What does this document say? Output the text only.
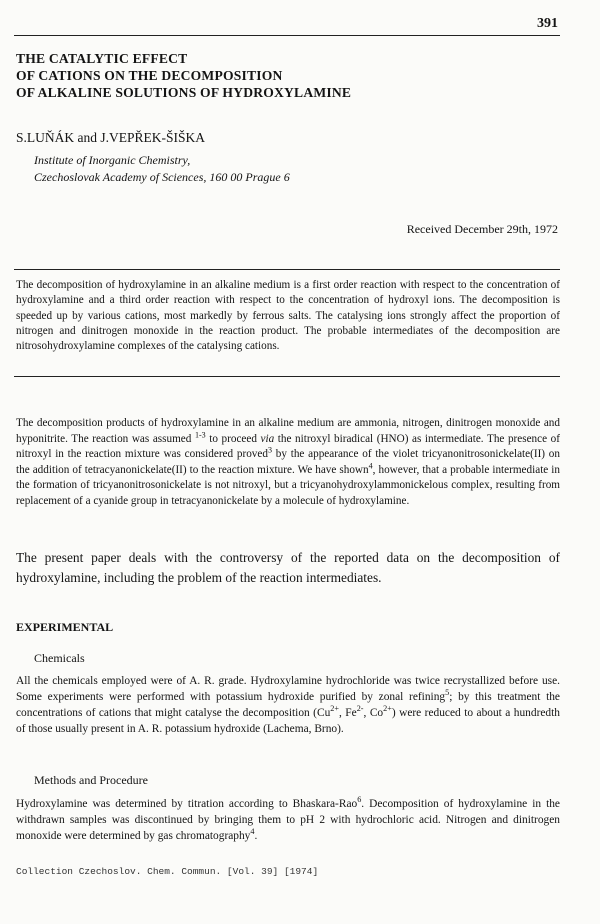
391
THE CATALYTIC EFFECT
OF CATIONS ON THE DECOMPOSITION
OF ALKALINE SOLUTIONS OF HYDROXYLAMINE
S.LUŇÁK and J.VEPŘEK-ŠIŠKA
Institute of Inorganic Chemistry,
Czechoslovak Academy of Sciences, 160 00 Prague 6
Received December 29th, 1972

The decomposition of hydroxylamine in an alkaline medium is a first order reaction with respect to the concentration of hydroxylamine and a third order reaction with respect to the concentration of hydroxyl ions. The decomposition is speeded up by various cations, most markedly by ferrous salts. The catalysing ions strongly affect the proportion of nitrogen and dinitrogen monoxide in the reaction product. The probable intermediates of the decomposition are nitrosohydroxylamine complexes of the catalysing cations.

The decomposition products of hydroxylamine in an alkaline medium are ammonia, nitrogen, dinitrogen monoxide and hyponitrite. The reaction was assumed $^{1-3}$ to proceed via the nitroxyl biradical (HNO) as intermediate. The presence of nitroxyl in the reaction mixture was considered proved$^3$ by the appearance of the violet tricyanonitrosonickelate(II) on the addition of tetracyanonickelate(II) to the reaction mixture. We have shown$^4$, however, that a probable intermediate in the formation of tricyanonitrosonickelate is not nitroxyl, but a tricyanohydroxylammonickelous complex, resulting from replacement of a cyanide group in tetracyanonickelate by a molecule of hydroxylamine.

The present paper deals with the controversy of the reported data on the decomposition of hydroxylamine, including the problem of the reaction intermediates.

EXPERIMENTAL
Chemicals

All the chemicals employed were of A. R. grade. Hydroxylamine hydrochloride was twice recrystallized before use. Some experiments were performed with potassium hydroxide purified by zonal refining$^5$; by this treatment the concentrations of cations that might catalyse the decomposition ($Cu^{2+}$, $Fe^{2-}$, $Co^{2+}$) were reduced to about a hundredth of those usually present in A. R. potassium hydroxide (Lachema, Brno).

Methods and Procedure

Hydroxylamine was determined by titration according to Bhaskara-Rao$^6$. Decomposition of hydroxylamine in the withdrawn samples was discontinued by bringing them to pH 2 with hydrochloric acid. Nitrogen and dinitrogen monoxide were determined by gas chromatography$^4$.

Collection Czechoslov. Chem. Commun. [Vol. 39] [1974]
